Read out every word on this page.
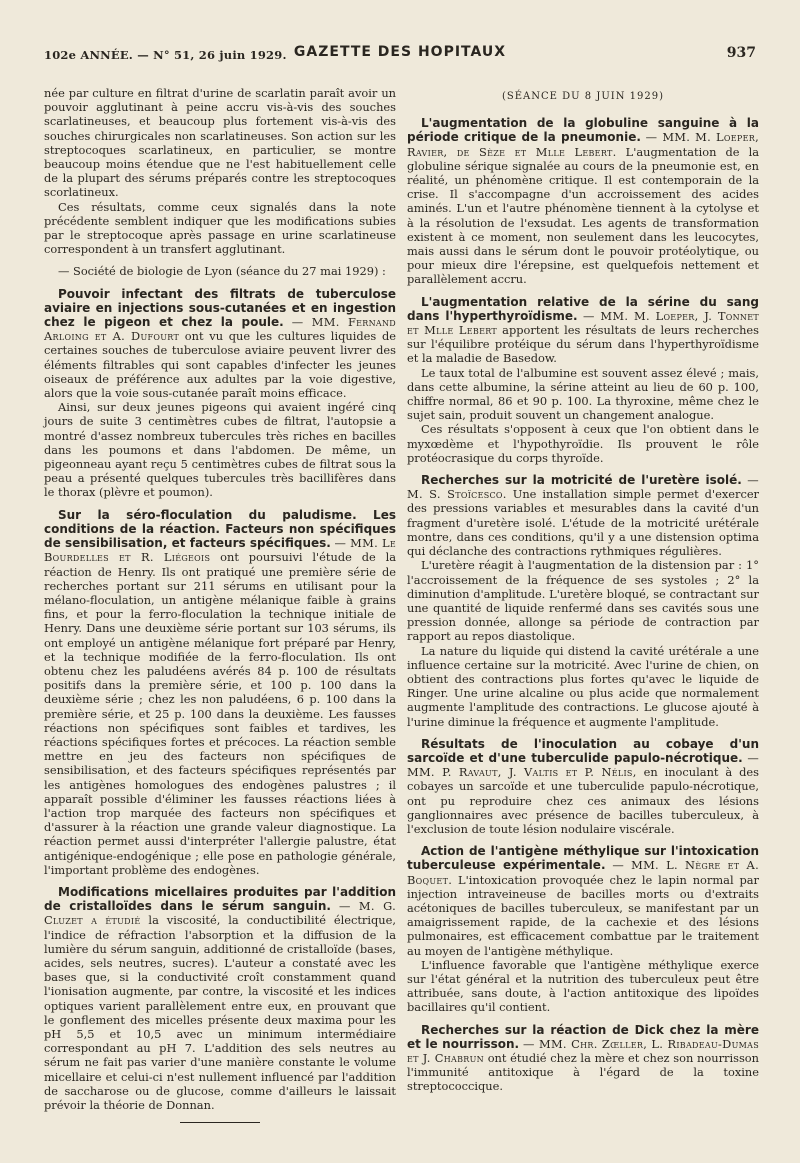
102e ANNÉE. — N° 51, 26 juin 1929. GAZETTE DES HOPITAUX	937

née par culture en filtrat d'urine de scarlatin paraît avoir un pouvoir agglutinant à peine accru vis-à-vis des souches scarlatineuses, et beaucoup plus fortement vis-à-vis des souches chirurgicales non scarlatineuses. Son action sur les streptocoques scarlatineux, en particulier, se montre beaucoup moins étendue que ne l'est habituellement celle de la plupart des sérums préparés contre les streptocoques scorlatineux.

Ces résultats, comme ceux signalés dans la note précédente semblent indiquer que les modifications subies par le streptocoque après passage en urine scarlatineuse correspondent à un transfert agglutinant.

— Société de biologie de Lyon (séance du 27 mai 1929) :

Pouvoir infectant des filtrats de tuberculose aviaire en injections sous-cutanées et en ingestion chez le pigeon et chez la poule. — MM. Fernand Arloing et A. Dufourt ont vu que les cultures liquides de certaines souches de tuberculose aviaire peuvent livrer des éléments filtrables qui sont capables d'infecter les jeunes oiseaux de préférence aux adultes par la voie digestive, alors que la voie sous-cutanée paraît moins efficace.

Ainsi, sur deux jeunes pigeons qui avaient ingéré cinq jours de suite 3 centimètres cubes de filtrat, l'autopsie a montré d'assez nombreux tubercules très riches en bacilles dans les poumons et dans l'abdomen. De même, un pigeonneau ayant reçu 5 centimètres cubes de filtrat sous la peau a présenté quelques tubercules très bacillifères dans le thorax (plèvre et poumon).

Sur la séro-floculation du paludisme. Les conditions de la réaction. Facteurs non spécifiques de sensibilisation, et facteurs spécifiques. — MM. Le Bourdelles et R. Liégeois ont poursuivi l'étude de la réaction de Henry. Ils ont pratiqué une première série de recherches portant sur 211 sérums en utilisant pour la mélano-floculation, un antigène mélanique faible à grains fins, et pour la ferro-floculation la technique initiale de Henry. Dans une deuxième série portant sur 103 sérums, ils ont employé un antigène mélanique fort préparé par Henry, et la technique modifiée de la ferro-floculation. Ils ont obtenu chez les paludéens avérés 84 p. 100 de résultats positifs dans la première série, et 100 p. 100 dans la deuxième série ; chez les non paludéens, 6 p. 100 dans la première série, et 25 p. 100 dans la deuxième. Les fausses réactions non spécifiques sont faibles et tardives, les réactions spécifiques fortes et précoces. La réaction semble mettre en jeu des facteurs non spécifiques de sensibilisation, et des facteurs spécifiques représentés par les antigènes homologues des endogènes palustres ; il apparaît possible d'éliminer les fausses réactions liées à l'action trop marquée des facteurs non spécifiques et d'assurer à la réaction une grande valeur diagnostique. La réaction permet aussi d'interpréter l'allergie palustre, état antigénique-endogénique ; elle pose en pathologie générale, l'important problème des endogènes.

Modifications micellaires produites par l'addition de cristalloïdes dans le sérum sanguin. — M. G. Cluzet a étudié la viscosité, la conductibilité électrique, l'indice de réfraction l'absorption et la diffusion de la lumière du sérum sanguin, additionné de cristalloïde (bases, acides, sels neutres, sucres). L'auteur a constaté avec les bases que, si la conductivité croît constamment quand l'ionisation augmente, par contre, la viscosité et les indices optiques varient parallèlement entre eux, en prouvant que le gonflement des micelles présente deux maxima pour les pH 5,5 et 10,5 avec un minimum intermédiaire correspondant au pH 7. L'addition des sels neutres au sérum ne fait pas varier d'une manière constante le volume micellaire et celui-ci n'est nullement influencé par l'addition de saccharose ou de glucose, comme d'ailleurs le laissait prévoir la théorie de Donnan.

(SÉANCE DU 8 JUIN 1929)

L'augmentation de la globuline sanguine à la période critique de la pneumonie. — MM. M. Loeper, Ravier, de Sèze et Mlle Lebert. L'augmentation de la globuline sérique signalée au cours de la pneumonie est, en réalité, un phénomène critique. Il est contemporain de la crise. Il s'accompagne d'un accroissement des acides aminés. L'un et l'autre phénomène tiennent à la cytolyse et à la résolution de l'exsudat. Les agents de transformation existent à ce moment, non seulement dans les leucocytes, mais aussi dans le sérum dont le pouvoir protéolytique, ou pour mieux dire l'érepsine, est quelquefois nettement et parallèlement accru.

L'augmentation relative de la sérine du sang dans l'hyperthyroïdisme. — MM. M. Loeper, J. Tonnet et Mlle Lebert apportent les résultats de leurs recherches sur l'équilibre protéique du sérum dans l'hyperthyroïdisme et la maladie de Basedow.

Le taux total de l'albumine est souvent assez élevé ; mais, dans cette albumine, la sérine atteint au lieu de 60 p. 100, chiffre normal, 86 et 90 p. 100. La thyroxine, même chez le sujet sain, produit souvent un changement analogue.

Ces résultats s'opposent à ceux que l'on obtient dans le myxœdème et l'hypothyroïdie. Ils prouvent le rôle protéocrasique du corps thyroïde.

Recherches sur la motricité de l'uretère isolé. — M. S. Stoïcesco. Une installation simple permet d'exercer des pressions variables et mesurables dans la cavité d'un fragment d'uretère isolé. L'étude de la motricité urétérale montre, dans ces conditions, qu'il y a une distension optima qui déclanche des contractions rythmiques régulières.

L'uretère réagit à l'augmentation de la distension par : 1° l'accroissement de la fréquence de ses systoles ; 2° la diminution d'amplitude. L'uretère bloqué, se contractant sur une quantité de liquide renfermé dans ses cavités sous une pression donnée, allonge sa période de contraction par rapport au repos diastolique.

La nature du liquide qui distend la cavité urétérale a une influence certaine sur la motricité. Avec l'urine de chien, on obtient des contractions plus fortes qu'avec le liquide de Ringer. Une urine alcaline ou plus acide que normalement augmente l'amplitude des contractions. Le glucose ajouté à l'urine diminue la fréquence et augmente l'amplitude.

Résultats de l'inoculation au cobaye d'un sarcoïde et d'une tuberculide papulo-nécrotique. — MM. P. Ravaut, J. Valtis et P. Nélis, en inoculant à des cobayes un sarcoïde et une tuberculide papulo-nécrotique, ont pu reproduire chez ces animaux des lésions ganglionnaires avec présence de bacilles tuberculeux, à l'exclusion de toute lésion nodulaire viscérale.

Action de l'antigène méthylique sur l'intoxication tuberculeuse expérimentale. — MM. L. Nègre et A. Boquet. L'intoxication provoquée chez le lapin normal par injection intraveineuse de bacilles morts ou d'extraits acétoniques de bacilles tuberculeux, se manifestant par un amaigrissement rapide, de la cachexie et des lésions pulmonaires, est efficacement combattue par le traitement au moyen de l'antigène méthylique.

L'influence favorable que l'antigène méthylique exerce sur l'état général et la nutrition des tuberculeux peut être attribuée, sans doute, à l'action antitoxique des lipoïdes bacillaires qu'il contient.

Recherches sur la réaction de Dick chez la mère et le nourrisson. — MM. Chr. Zœller, L. Ribadeau-Dumas et J. Chabrun ont étudié chez la mère et chez son nourrisson l'immunité antitoxique à l'égard de la toxine streptococcique.
